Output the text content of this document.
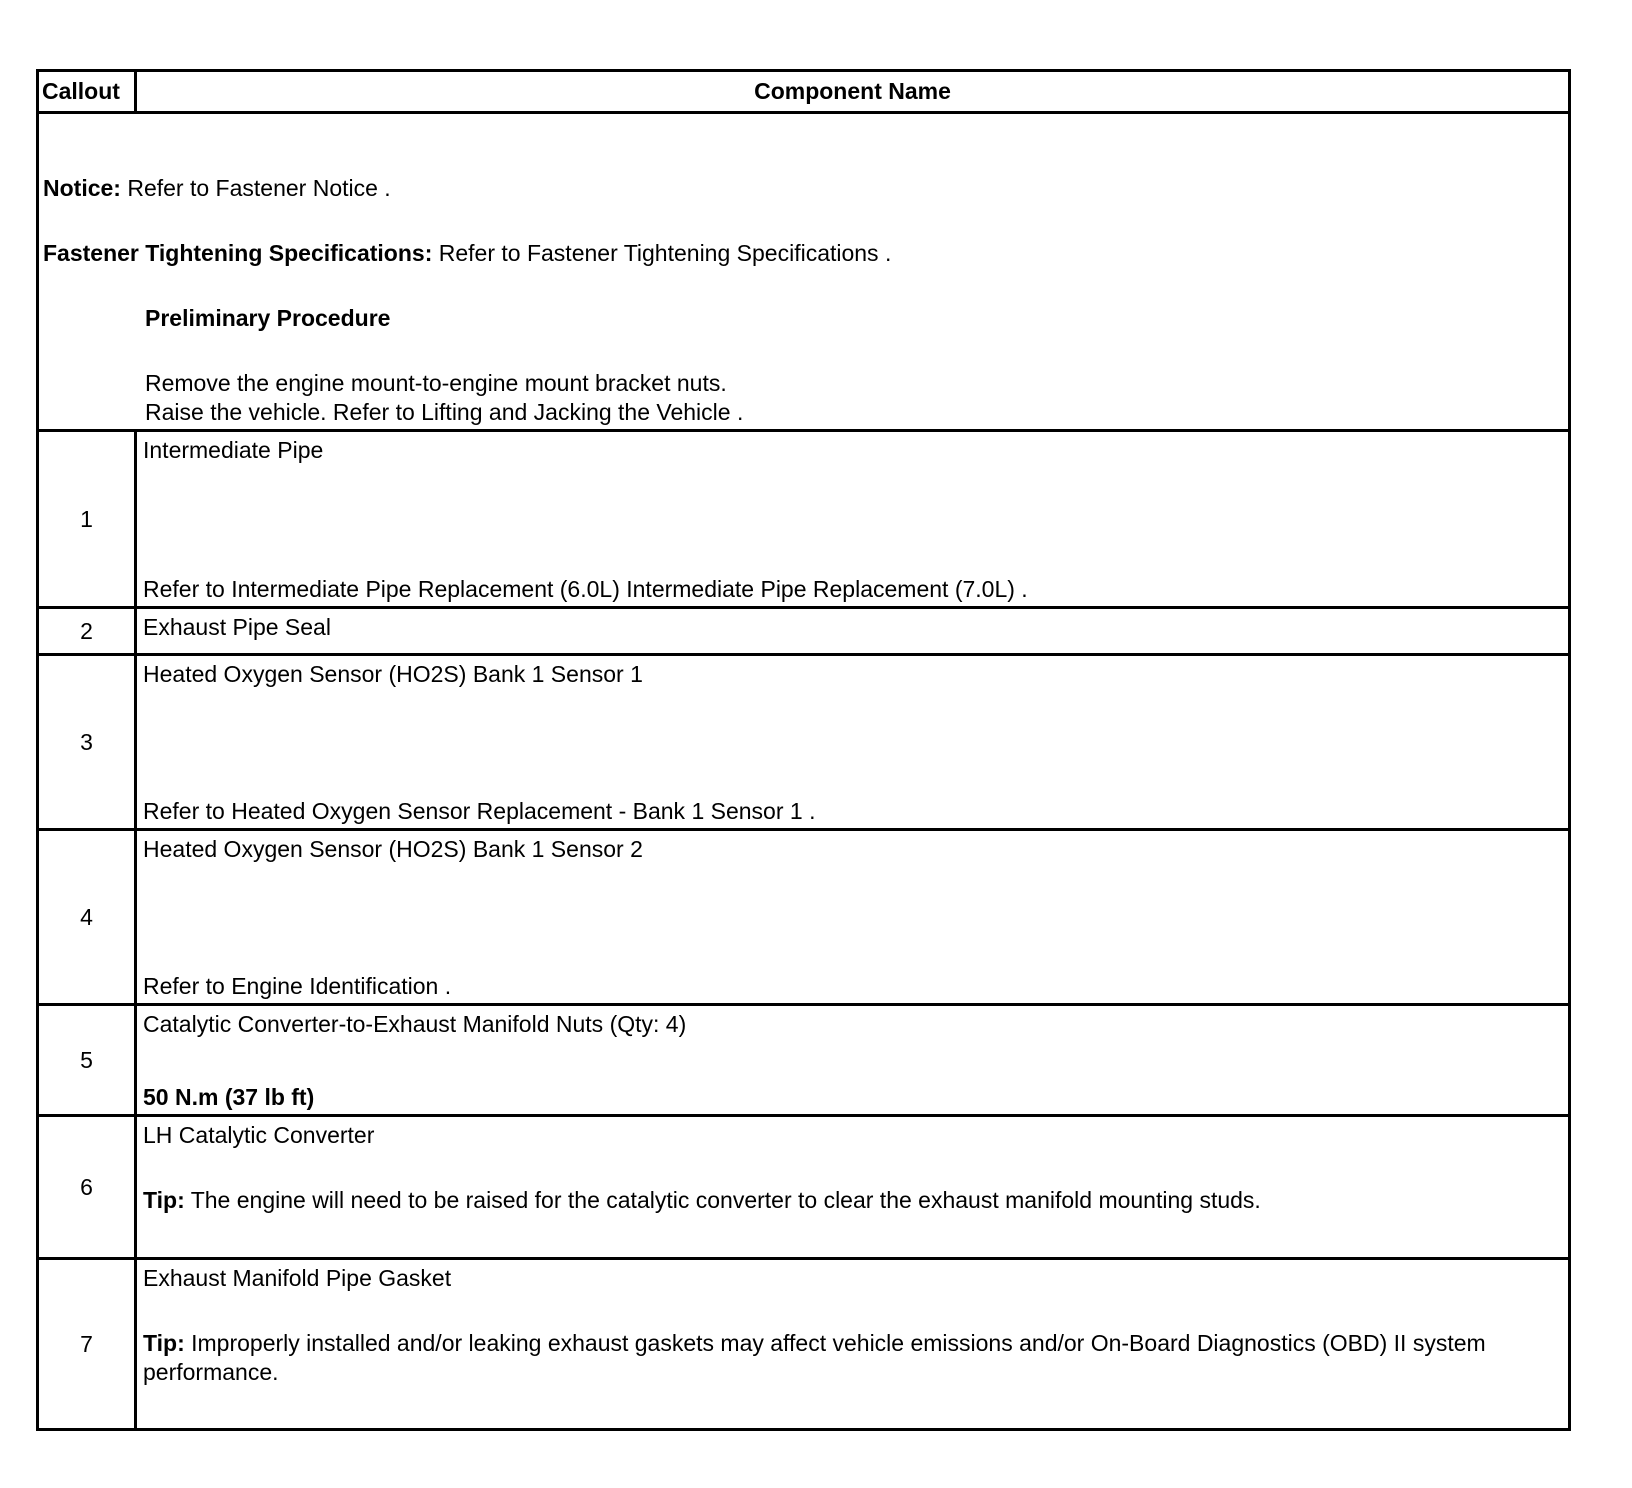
Callout	Component Name

Notice: Refer to Fastener Notice .
Fastener Tightening Specifications: Refer to Fastener Tightening Specifications .
Preliminary Procedure
Remove the engine mount-to-engine mount bracket nuts.
Raise the vehicle. Refer to Lifting and Jacking the Vehicle .	

1	Intermediate Pipe
Refer to Intermediate Pipe Replacement (6.0L) Intermediate Pipe Replacement (7.0L) .

2	Exhaust Pipe Seal

3	Heated Oxygen Sensor (HO2S) Bank 1 Sensor 1
Refer to Heated Oxygen Sensor Replacement - Bank 1 Sensor 1 .

4	Heated Oxygen Sensor (HO2S) Bank 1 Sensor 2
Refer to Engine Identification .

5	Catalytic Converter-to-Exhaust Manifold Nuts (Qty: 4)
50 N.m (37 lb ft)

6	LH Catalytic Converter
Tip: The engine will need to be raised for the catalytic converter to clear the exhaust manifold mounting studs.

7	Exhaust Manifold Pipe Gasket
Tip: Improperly installed and/or leaking exhaust gaskets may affect vehicle emissions and/or On-Board Diagnostics (OBD) II system performance.
